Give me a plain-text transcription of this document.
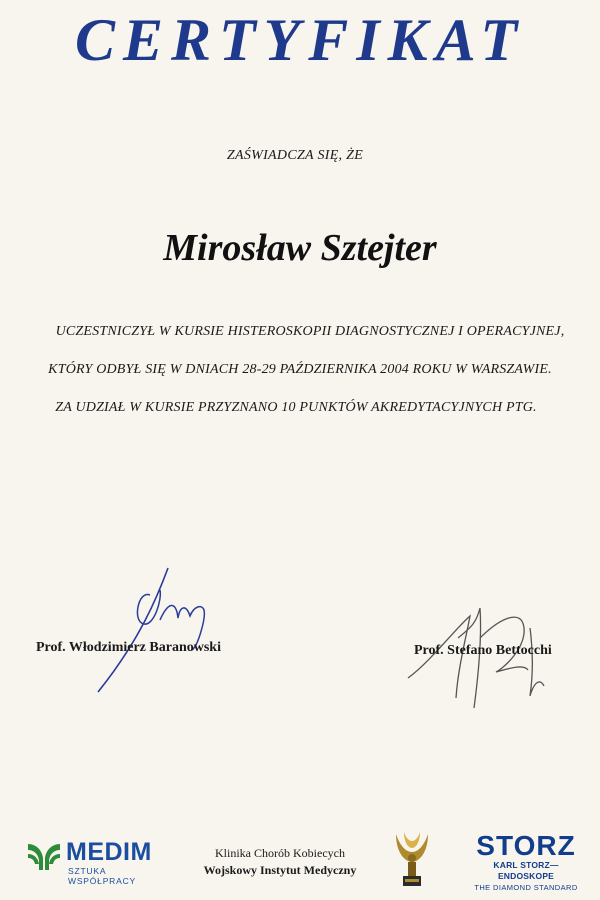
CERTYFIKAT
ZAŚWIADCZA SIĘ, ŻE
Mirosław Sztejter
UCZESTNICZYŁ W KURSIE HISTEROSKOPII DIAGNOSTYCZNEJ I OPERACYJNEJ,
KTÓRY ODBYŁ SIĘ W DNIACH 28-29 PAŹDZIERNIKA 2004 ROKU W WARSZAWIE.
ZA UDZIAŁ W KURSIE PRZYZNANO 10 PUNKTÓW AKREDYTACYJNYCH PTG.
Prof. Włodzimierz Baranowski	Prof. Stefano Bettocchi
MEDIM
SZTUKA WSPÓŁPRACY
Klinika Chorób Kobiecych
Wojskowy Instytut Medyczny
STORZ
KARL STORZ—ENDOSKOPE
THE DIAMOND STANDARD
